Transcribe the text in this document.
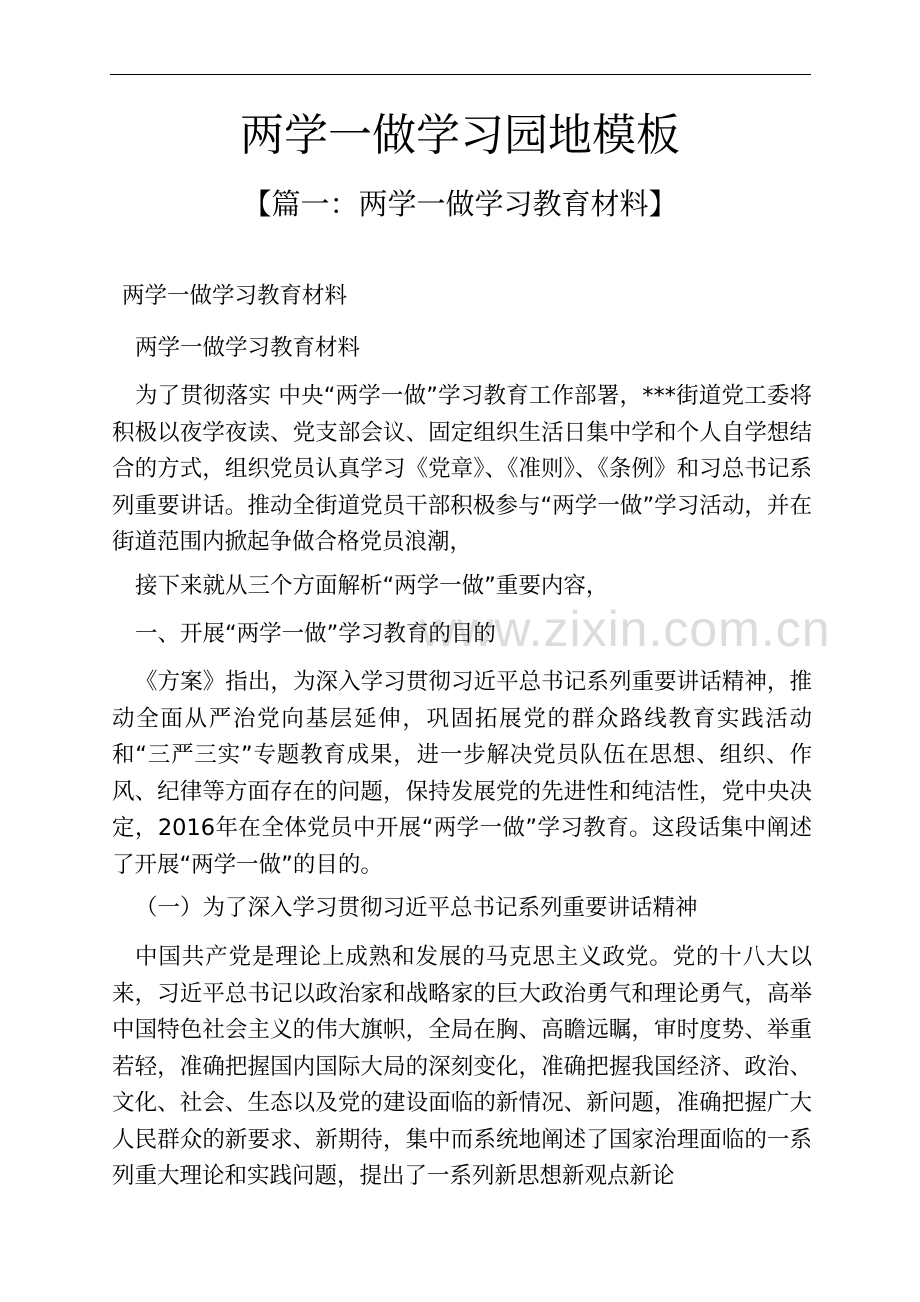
www.zixin.com.cn
两学一做学习园地模板
【篇一：两学一做学习教育材料】
两学一做学习教育材料
两学一做学习教育材料
为了贯彻落实 中央“两学一做”学习教育工作部署，***街道党工委将积极以夜学夜读、党支部会议、固定组织生活日集中学和个人自学想结合的方式，组织党员认真学习《党章》、《准则》、《条例》和习总书记系列重要讲话。推动全街道党员干部积极参与“两学一做”学习活动，并在街道范围内掀起争做合格党员浪潮，
接下来就从三个方面解析“两学一做”重要内容，
一、开展“两学一做”学习教育的目的
《方案》指出，为深入学习贯彻习近平总书记系列重要讲话精神，推动全面从严治党向基层延伸，巩固拓展党的群众路线教育实践活动和“三严三实”专题教育成果，进一步解决党员队伍在思想、组织、作风、纪律等方面存在的问题，保持发展党的先进性和纯洁性，党中央决定，2016年在全体党员中开展“两学一做”学习教育。这段话集中阐述了开展“两学一做”的目的。
（一）为了深入学习贯彻习近平总书记系列重要讲话精神
中国共产党是理论上成熟和发展的马克思主义政党。党的十八大以来，习近平总书记以政治家和战略家的巨大政治勇气和理论勇气，高举中国特色社会主义的伟大旗帜，全局在胸、高瞻远瞩，审时度势、举重若轻，准确把握国内国际大局的深刻变化，准确把握我国经济、政治、文化、社会、生态以及党的建设面临的新情况、新问题，准确把握广大人民群众的新要求、新期待，集中而系统地阐述了国家治理面临的一系列重大理论和实践问题，提出了一系列新思想新观点新论
